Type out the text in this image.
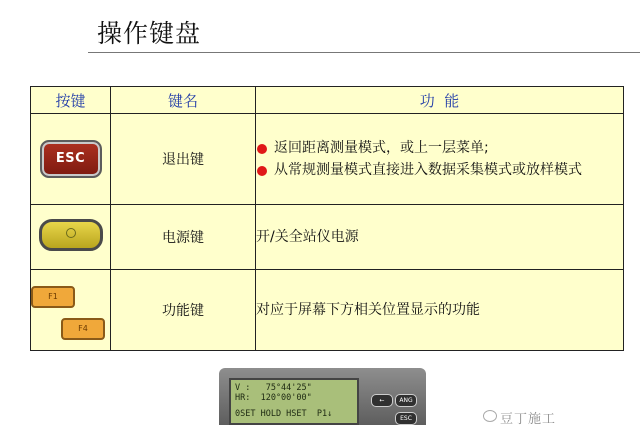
操作键盘
按键	键名	功  能
ESC	退出键	返回距离测量模式，或上一层菜单;
从常规测量模式直接进入数据采集模式或放样模式

	电源键	开/关全站仪电源

F1
F4	功能键	对应于屏幕下方相关位置显示的功能
V :   75°44'25"
HR:  120°00'00"
0SET HOLD HSET  P1↓
←	ANG
ESC	豆丁施工
